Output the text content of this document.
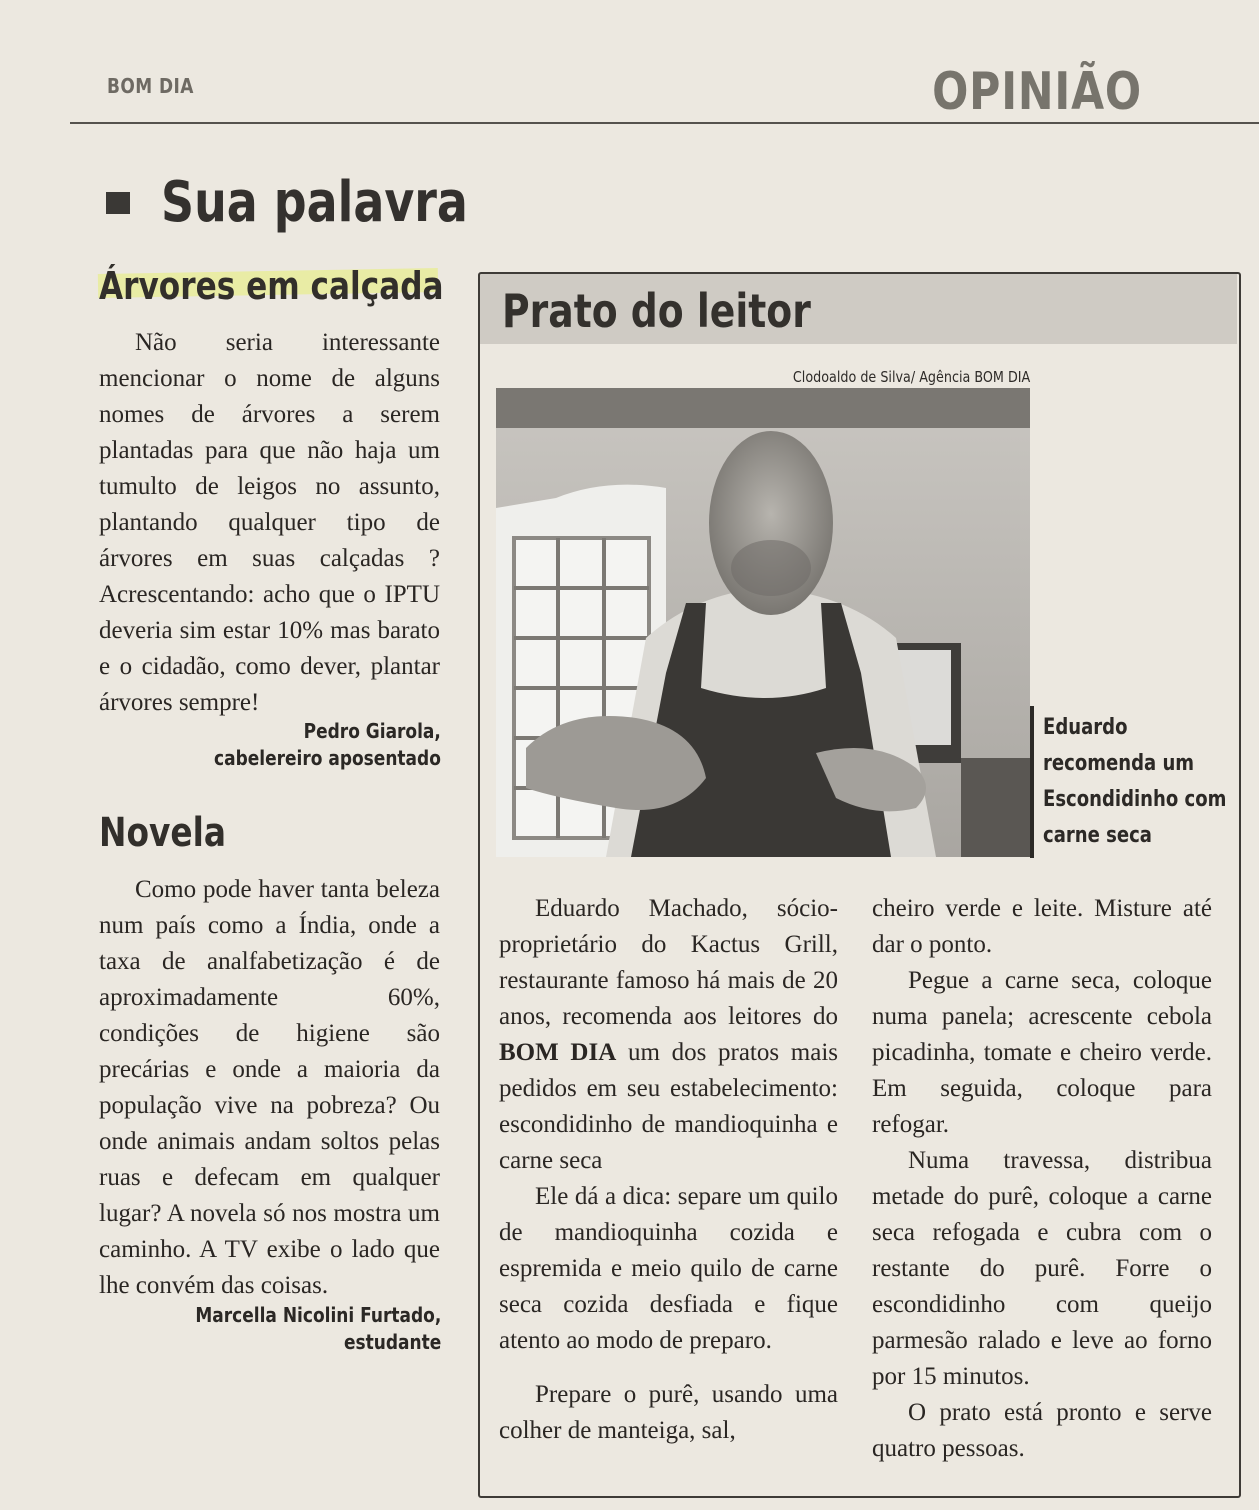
BOM DIA	OPINIÃO
Sua palavra
Árvores em calçada

Não seria interessante mencionar o nome de alguns nomes de árvores a serem plantadas para que não haja um tumulto de leigos no assunto, plantando qualquer tipo de árvores em suas calçadas ? Acrescentando: acho que o IPTU deveria sim estar 10% mas barato e o cidadão, como dever, plantar árvores sempre!

Pedro Giarola,
cabelereiro aposentado
Novela

Como pode haver tanta beleza num país como a Índia, onde a taxa de analfabetização é de aproximadamente 60%, condições de higiene são precárias e onde a maioria da população vive na pobreza? Ou onde animais andam soltos pelas ruas e defecam em qualquer lugar? A novela só nos mostra um caminho. A TV exibe o lado que lhe convém das coisas.

Marcella Nicolini Furtado,
estudante
Prato do leitor
Clodoaldo de Silva/ Agência BOM DIA
Eduardo recomenda um Escondidinho com carne seca

Eduardo Machado, sócio-proprietário do Kactus Grill, restaurante famoso há mais de 20 anos, recomenda aos leitores do BOM DIA um dos pratos mais pedidos em seu estabelecimento: escondidinho de mandioquinha e carne seca

Ele dá a dica: separe um quilo de mandioquinha cozida e espremida e meio quilo de carne seca cozida desfiada e fique atento ao modo de preparo.

Prepare o purê, usando uma colher de manteiga, sal,

cheiro verde e leite. Misture até dar o ponto.

Pegue a carne seca, coloque numa panela; acrescente cebola picadinha, tomate e cheiro verde. Em seguida, coloque para refogar.

Numa travessa, distribua metade do purê, coloque a carne seca refogada e cubra com o restante do purê. Forre o escondidinho com queijo parmesão ralado e leve ao forno por 15 minutos.

O prato está pronto e serve quatro pessoas.
